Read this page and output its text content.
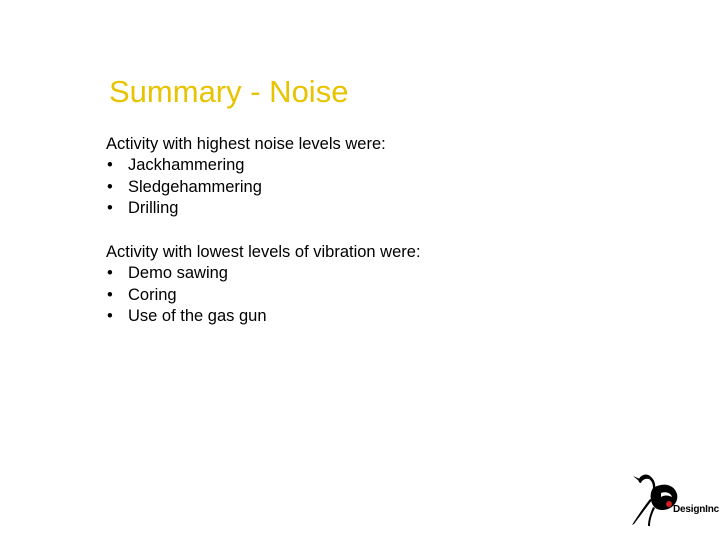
Summary - Noise
Activity with highest noise levels were:
• Jackhammering
• Sledgehammering
• Drilling
Activity with lowest levels of vibration were:
• Demo sawing
• Coring
• Use of the gas gun
DesignInc
